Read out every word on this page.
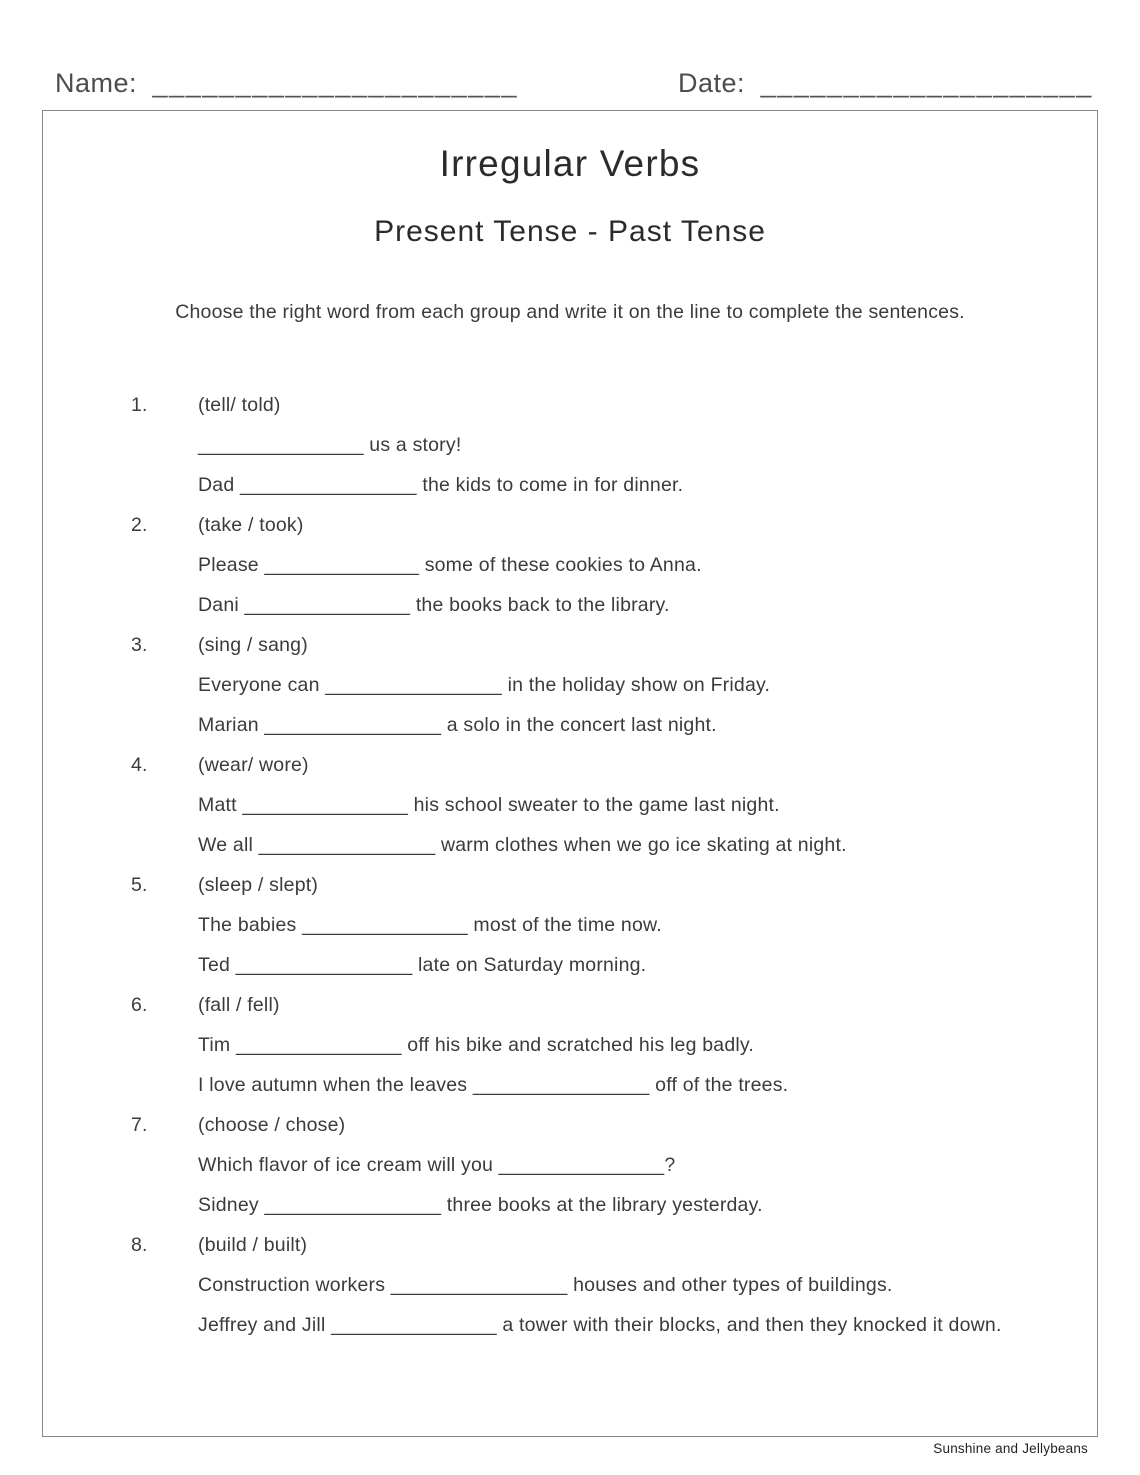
Name: ______________________	Date: ____________________
Irregular Verbs
Present Tense - Past Tense
Choose the right word from each group and write it on the line to complete the sentences.
1.	(tell/ told)
_______________ us a story!
Dad ________________ the kids to come in for dinner.
2.	(take / took)
Please ______________ some of these cookies to Anna.
Dani _______________ the books back to the library.
3.	(sing / sang)
Everyone can ________________ in the holiday show on Friday.
Marian ________________ a solo in the concert last night.
4.	(wear/ wore)
Matt _______________ his school sweater to the game last night.
We all ________________ warm clothes when we go ice skating at night.
5.	(sleep / slept)
The babies _______________ most of the time now.
Ted ________________ late on Saturday morning.
6.	(fall / fell)
Tim _______________ off his bike and scratched his leg badly.
I love autumn when the leaves ________________ off of the trees.
7.	(choose / chose)
Which flavor of ice cream will you _______________?
Sidney ________________ three books at the library yesterday.
8.	(build / built)
Construction workers ________________ houses and other types of buildings.
Jeffrey and Jill _______________ a tower with their blocks, and then they knocked it down.
Sunshine and Jellybeans
